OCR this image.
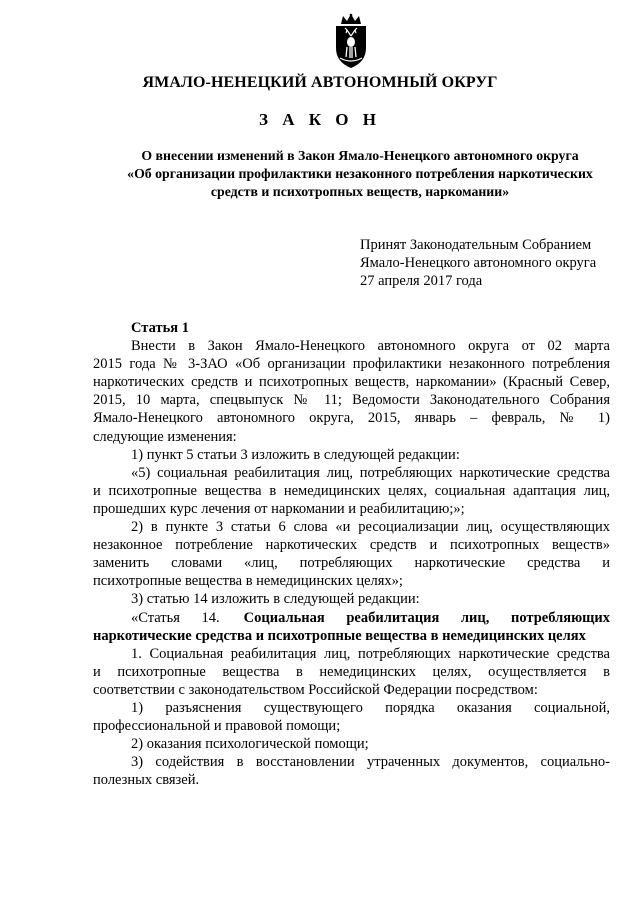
ЯМАЛО-НЕНЕЦКИЙ АВТОНОМНЫЙ ОКРУГ
З А К О Н
О внесении изменений в Закон Ямало-Ненецкого автономного округа
«Об организации профилактики незаконного потребления наркотических
средств и психотропных веществ, наркомании»
Принят Законодательным Собранием
Ямало-Ненецкого автономного округа
27 апреля 2017 года
Статья 1
Внести в Закон Ямало-Ненецкого автономного округа от 02 марта
2015 года № 3-ЗАО «Об организации профилактики незаконного потребления
наркотических средств и психотропных веществ, наркомании» (Красный Север,
2015, 10 марта, спецвыпуск № 11; Ведомости Законодательного Собрания
Ямало-Ненецкого автономного округа, 2015, январь – февраль, № 1)
следующие изменения:
1) пункт 5 статьи 3 изложить в следующей редакции:
«5) социальная реабилитация лиц, потребляющих наркотические средства
и психотропные вещества в немедицинских целях, социальная адаптация лиц,
прошедших курс лечения от наркомании и реабилитацию;»;
2) в пункте 3 статьи 6 слова «и ресоциализации лиц, осуществляющих
незаконное потребление наркотических средств и психотропных веществ»
заменить словами «лиц, потребляющих наркотические средства и
психотропные вещества в немедицинских целях»;
3) статью 14 изложить в следующей редакции:
«Статья 14. Социальная реабилитация лиц, потребляющих
наркотические средства и психотропные вещества в немедицинских целях
1. Социальная реабилитация лиц, потребляющих наркотические средства
и психотропные вещества в немедицинских целях, осуществляется в
соответствии с законодательством Российской Федерации посредством:
1) разъяснения существующего порядка оказания социальной,
профессиональной и правовой помощи;
2) оказания психологической помощи;
3) содействия в восстановлении утраченных документов, социально-
полезных связей.
